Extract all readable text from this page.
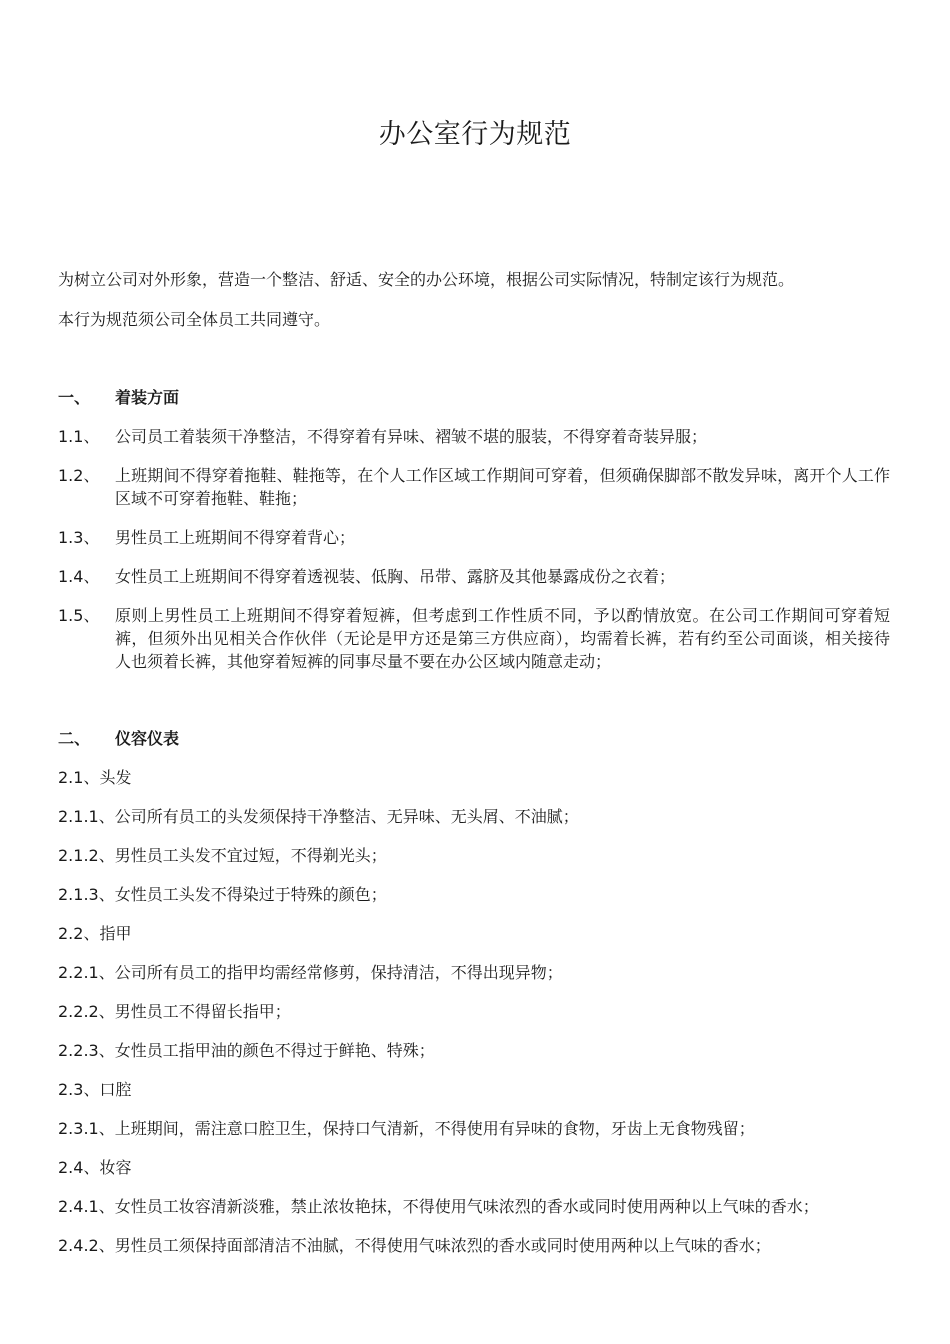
办公室行为规范
为树立公司对外形象，营造一个整洁、舒适、安全的办公环境，根据公司实际情况，特制定该行为规范。
本行为规范须公司全体员工共同遵守。
一、 着装方面
1.1、 公司员工着装须干净整洁，不得穿着有异味、褶皱不堪的服装，不得穿着奇装异服；
1.2、 上班期间不得穿着拖鞋、鞋拖等，在个人工作区域工作期间可穿着，但须确保脚部不散发异味，离开个人工作区域不可穿着拖鞋、鞋拖；
1.3、 男性员工上班期间不得穿着背心；
1.4、 女性员工上班期间不得穿着透视装、低胸、吊带、露脐及其他暴露成份之衣着；
1.5、 原则上男性员工上班期间不得穿着短裤，但考虑到工作性质不同，予以酌情放宽。在公司工作期间可穿着短裤，但须外出见相关合作伙伴（无论是甲方还是第三方供应商），均需着长裤，若有约至公司面谈，相关接待人也须着长裤，其他穿着短裤的同事尽量不要在办公区域内随意走动；
二、 仪容仪表
2.1、头发
2.1.1、公司所有员工的头发须保持干净整洁、无异味、无头屑、不油腻；
2.1.2、男性员工头发不宜过短，不得剃光头；
2.1.3、女性员工头发不得染过于特殊的颜色；
2.2、指甲
2.2.1、公司所有员工的指甲均需经常修剪，保持清洁，不得出现异物；
2.2.2、男性员工不得留长指甲；
2.2.3、女性员工指甲油的颜色不得过于鲜艳、特殊；
2.3、口腔
2.3.1、上班期间，需注意口腔卫生，保持口气清新，不得使用有异味的食物，牙齿上无食物残留；
2.4、妆容
2.4.1、女性员工妆容清新淡雅，禁止浓妆艳抹，不得使用气味浓烈的香水或同时使用两种以上气味的香水；
2.4.2、男性员工须保持面部清洁不油腻，不得使用气味浓烈的香水或同时使用两种以上气味的香水；
